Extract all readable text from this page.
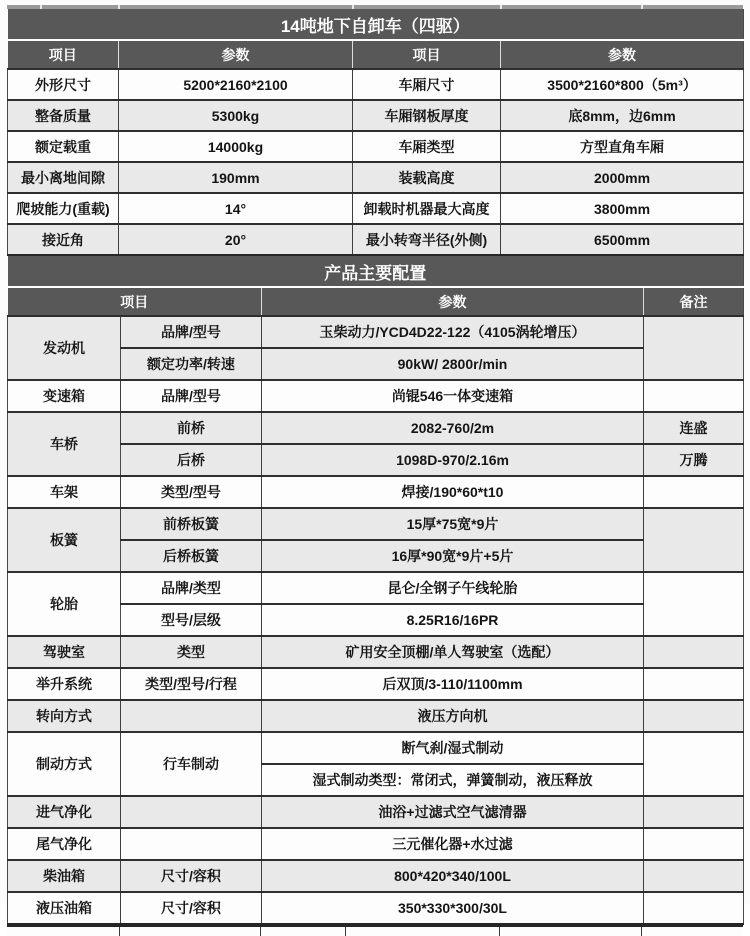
14吨地下自卸车（四驱）			
项目	参数	项目	参数
外形尺寸	5200*2160*2100	车厢尺寸	3500*2160*800（5m³）
整备质量	5300kg	车厢钢板厚度	底8mm，边6mm
额定载重	14000kg	车厢类型	方型直角车厢
最小离地间隙	190mm	装载高度	2000mm
爬坡能力(重载)	14°	卸载时机器最大高度	3800mm
接近角	20°	最小转弯半径(外侧)	6500mm
产品主要配置			
项目		参数	备注
发动机	品牌/型号	玉柴动力/YCD4D22-122（4105涡轮增压）	
	额定功率/转速	90kW/ 2800r/min	
变速箱	品牌/型号	尚锟546一体变速箱	
车桥	前桥	2082-760/2m	连盛
	后桥	1098D-970/2.16m	万腾
车架	类型/型号	焊接/190*60*t10	
板簧	前桥板簧	15厚*75宽*9片	
	后桥板簧	16厚*90宽*9片+5片	
轮胎	品牌/类型	昆仑/全钢子午线轮胎	
	型号/层级	8.25R16/16PR	
驾驶室	类型	矿用安全顶棚/单人驾驶室（选配）	
举升系统	类型/型号/行程	后双顶/3-110/1100mm	
转向方式		液压方向机	
制动方式	行车制动	断气刹/湿式制动	
		湿式制动类型：常闭式，弹簧制动，液压释放	
进气净化		油浴+过滤式空气滤清器	
尾气净化		三元催化器+水过滤	
柴油箱	尺寸/容积	800*420*340/100L	
液压油箱	尺寸/容积	350*330*300/30L	
